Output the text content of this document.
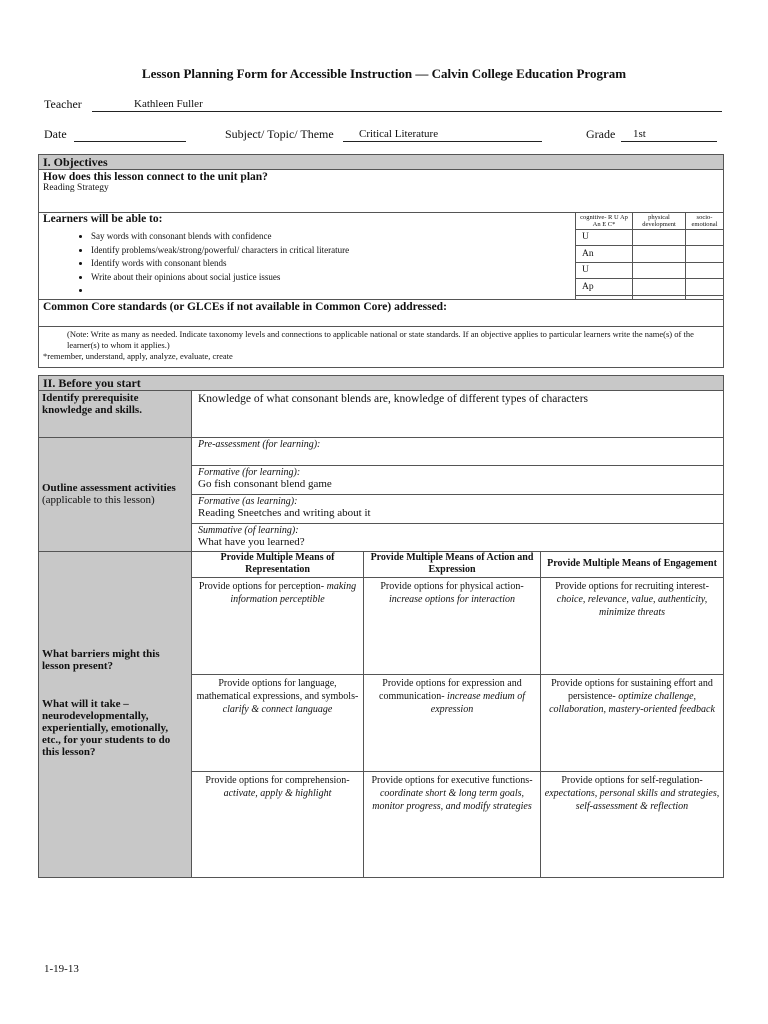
Lesson Planning Form for Accessible Instruction — Calvin College Education Program
Teacher	Kathleen Fuller
Date	Subject/ Topic/ Theme	Critical Literature	Grade	1st
I. Objectives
How does this lesson connect to the unit plan?
Reading Strategy
Learners will be able to:
• Say words with consonant blends with confidence
• Identify problems/weak/strong/powerful/ characters in critical literature
• Identify words with consonant blends
• Write about their opinions about social justice issues
•
cognitive- R U Ap An E C*	physical development	socio-emotional
U		
An		
U		
Ap		

Common Core standards (or GLCEs if not available in Common Core) addressed:
(Note: Write as many as needed. Indicate taxonomy levels and connections to applicable national or state standards. If an objective applies to particular learners write the name(s) of the learner(s) to whom it applies.)
*remember, understand, apply, analyze, evaluate, create
II. Before you start
Identify prerequisite knowledge and skills.	Knowledge of what consonant blends are, knowledge of different types of characters		

Outline assessment activities
(applicable to this lesson)	Pre-assessment (for learning):		

	Formative (for learning):
Go fish consonant blend game		

	Formative (as learning):
Reading Sneetches and writing about it		

	Summative (of learning):
What have you learned?		

What barriers might this lesson present?
What will it take – neurodevelopmentally, experientially, emotionally, etc., for your students to do this lesson?	Provide Multiple Means of Representation	Provide Multiple Means of Action and Expression	Provide Multiple Means of Engagement
	Provide options for perception- making information perceptible	Provide options for physical action- increase options for interaction	Provide options for recruiting interest- choice, relevance, value, authenticity, minimize threats
	Provide options for language, mathematical expressions, and symbols- clarify & connect language	Provide options for expression and communication- increase medium of expression	Provide options for sustaining effort and persistence- optimize challenge, collaboration, mastery-oriented feedback
	Provide options for comprehension- activate, apply & highlight	Provide options for executive functions- coordinate short & long term goals, monitor progress, and modify strategies	Provide options for self-regulation- expectations, personal skills and strategies, self-assessment & reflection
1-19-13
